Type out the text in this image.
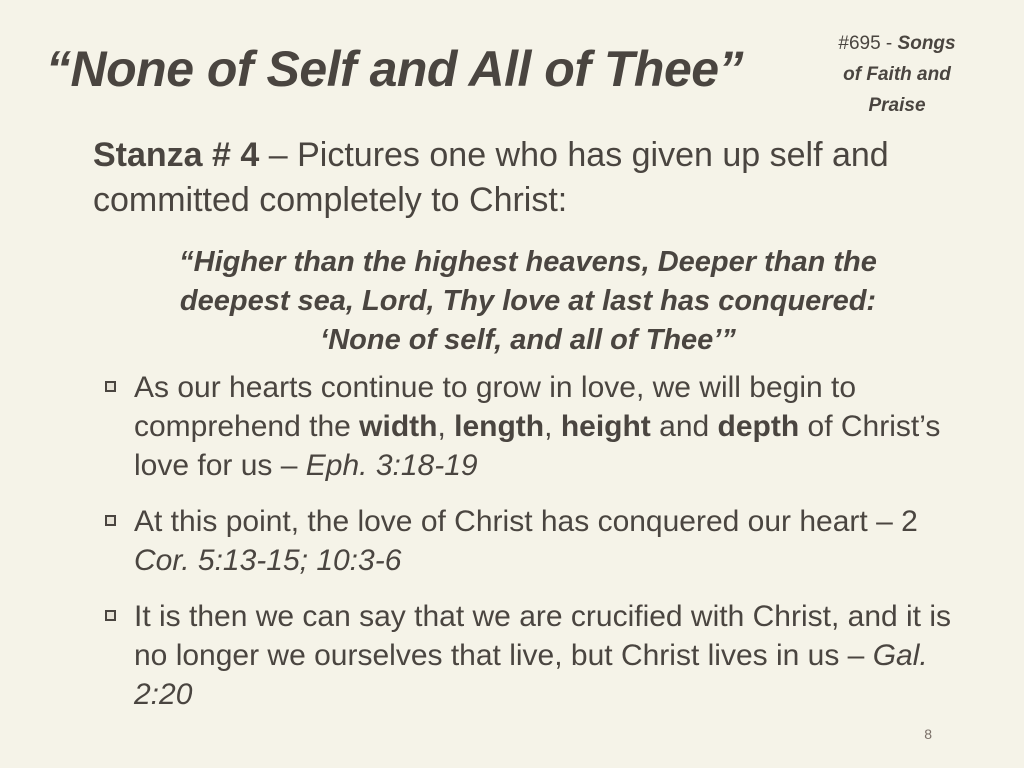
“None of Self and All of Thee”	#695 - Songs
of Faith and
Praise
Stanza # 4 – Pictures one who has given up self and committed completely to Christ:
“Higher than the highest heavens, Deeper than the
deepest sea, Lord, Thy love at last has conquered:
‘None of self, and all of Thee’”
As our hearts continue to grow in love, we will begin to comprehend the width, length, height and depth of Christ’s love for us – Eph. 3:18-19
At this point, the love of Christ has conquered our heart – 2 Cor. 5:13-15; 10:3-6
It is then we can say that we are crucified with Christ, and it is no longer we ourselves that live, but Christ lives in us – Gal. 2:20
8
